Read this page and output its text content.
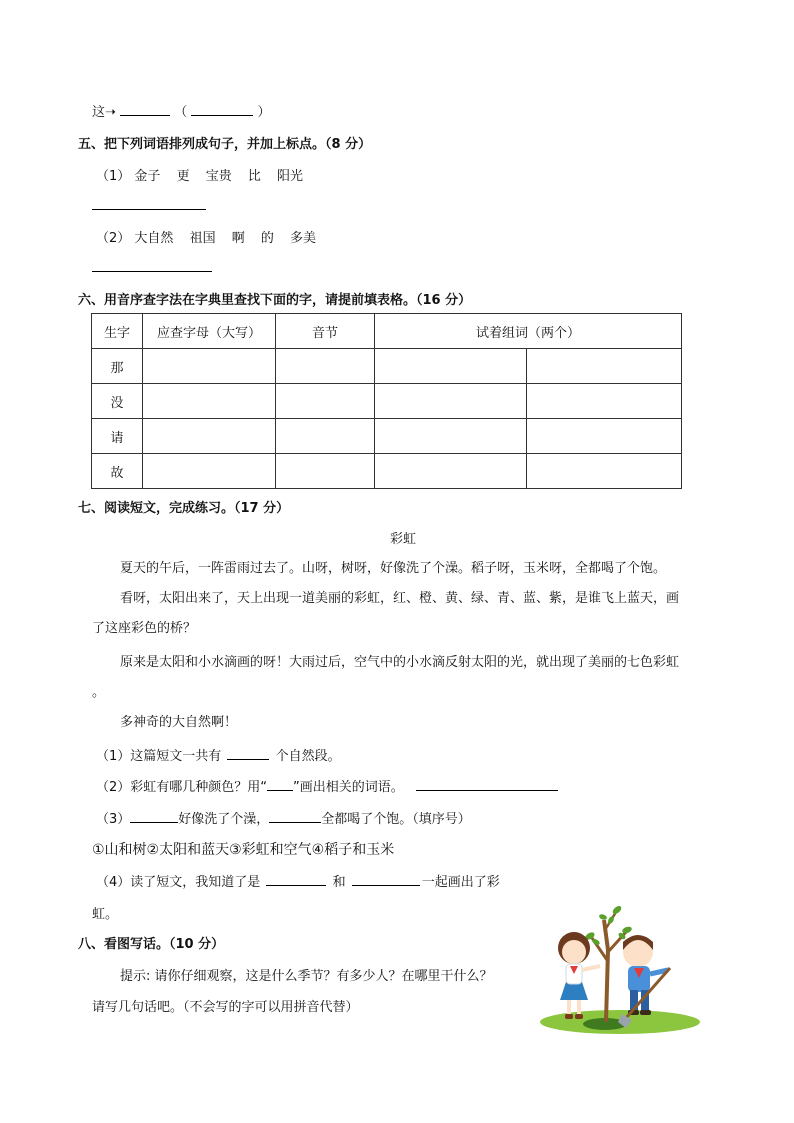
这➝	（	）
五、把下列词语排列成句子，并加上标点。（8 分）
（1） 金子 更 宝贵 比 阳光
（2） 大自然 祖国 啊 的 多美
六、用音序查字法在字典里查找下面的字，请提前填表格。（16 分）
生字	应查字母（大写）	音节	试着组词（两个）	
那				
没				
请				
故				
七、阅读短文，完成练习。（17 分）
彩虹
夏天的午后，一阵雷雨过去了。山呀，树呀，好像洗了个澡。稻子呀，玉米呀，全都喝了个饱。
看呀，太阳出来了，天上出现一道美丽的彩虹，红、橙、黄、绿、青、蓝、紫，是谁飞上蓝天，画
了这座彩色的桥？
原来是太阳和小水滴画的呀！大雨过后，空气中的小水滴反射太阳的光，就出现了美丽的七色彩虹
。
多神奇的大自然啊！
（1）这篇短文一共有	个自然段。
（2）彩虹有哪几种颜色？用“ ”画出相关的词语。
（3）	好像洗了个澡，	全都喝了个饱。（填序号）
①山和树②太阳和蓝天③彩虹和空气④稻子和玉米
（4）读了短文，我知道了是	和	一起画出了彩
虹。
八、看图写话。（10 分）
提示: 请你仔细观察，这是什么季节？有多少人？在哪里干什么？
请写几句话吧。（不会写的字可以用拼音代替）
